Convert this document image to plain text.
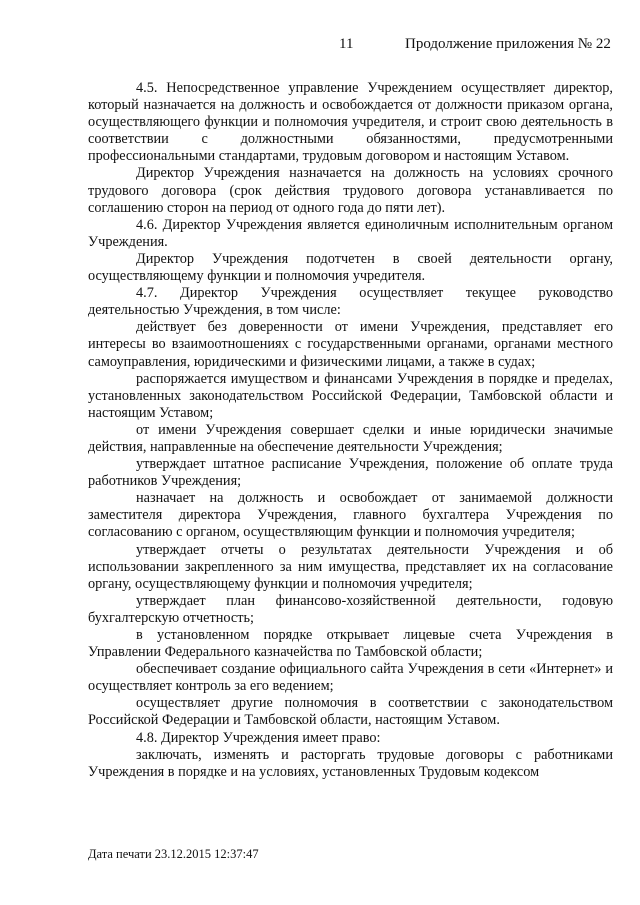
11	Продолжение приложения № 22

4.5. Непосредственное управление Учреждением осуществляет директор, который назначается на должность и освобождается от должности приказом органа, осуществляющего функции и полномочия учредителя, и строит свою деятельность в соответствии с должностными обязанностями, предусмотренными профессиональными стандартами, трудовым договором и настоящим Уставом.

Директор Учреждения назначается на должность на условиях срочного трудового договора (срок действия трудового договора устанавливается по соглашению сторон на период от одного года до пяти лет).

4.6. Директор Учреждения является единоличным исполнительным органом Учреждения.

Директор Учреждения подотчетен в своей деятельности органу, осуществляющему функции и полномочия учредителя.

4.7. Директор Учреждения осуществляет текущее руководство деятельностью Учреждения, в том числе:

действует без доверенности от имени Учреждения, представляет его интересы во взаимоотношениях с государственными органами, органами местного самоуправления, юридическими и физическими лицами, а также в судах;

распоряжается имуществом и финансами Учреждения в порядке и пределах, установленных законодательством Российской Федерации, Тамбовской области и настоящим Уставом;

от имени Учреждения совершает сделки и иные юридически значимые действия, направленные на обеспечение деятельности Учреждения;

утверждает штатное расписание Учреждения, положение об оплате труда работников Учреждения;

назначает на должность и освобождает от занимаемой должности заместителя директора Учреждения, главного бухгалтера Учреждения по согласованию с органом, осуществляющим функции и полномочия учредителя;

утверждает отчеты о результатах деятельности Учреждения и об использовании закрепленного за ним имущества, представляет их на согласование органу, осуществляющему функции и полномочия учредителя;

утверждает план финансово-хозяйственной деятельности, годовую бухгалтерскую отчетность;

в установленном порядке открывает лицевые счета Учреждения в Управлении Федерального казначейства по Тамбовской области;

обеспечивает создание официального сайта Учреждения в сети «Интернет» и осуществляет контроль за его ведением;

осуществляет другие полномочия в соответствии с законодательством Российской Федерации и Тамбовской области, настоящим Уставом.

4.8. Директор Учреждения имеет право:

заключать, изменять и расторгать трудовые договоры с работниками Учреждения в порядке и на условиях, установленных Трудовым кодексом

Дата печати 23.12.2015 12:37:47
